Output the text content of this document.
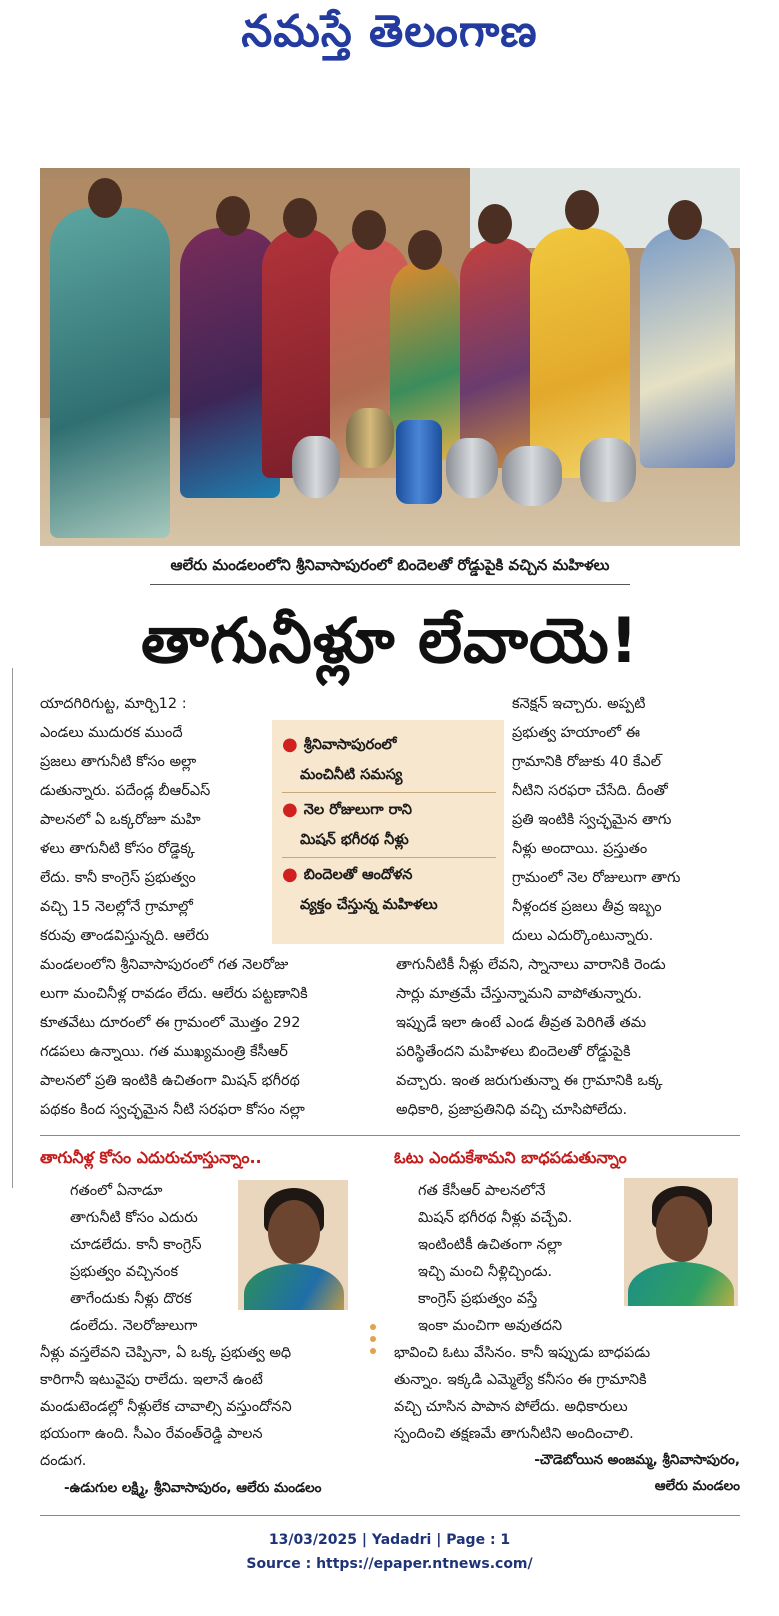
నమస్తే తెలంగాణ
ఆలేరు మండలంలోని శ్రీనివాసాపురంలో బిందెలతో రోడ్డుపైకి వచ్చిన మహిళలు
తాగునీళ్లూ లేవాయె!

యాదగిరిగుట్ట, మార్చి12 :

ఎండలు ముదురక ముందే

ప్రజలు తాగునీటి కోసం అల్లా

డుతున్నారు. పదేండ్ల బీఆర్ఎస్

పాలనలో ఏ ఒక్కరోజూ మహి

ళలు తాగునీటి కోసం రోడ్డెక్క

లేదు. కానీ కాంగ్రెస్ ప్రభుత్వం

వచ్చి 15 నెలల్లోనే గ్రామాల్లో

కరువు తాండవిస్తున్నది. ఆలేరు

మండలంలోని శ్రీనివాసాపురంలో గత నెలరోజు

లుగా మంచినీళ్ల రావడం లేదు. ఆలేరు పట్టణానికి

కూతవేటు దూరంలో ఈ గ్రామంలో మొత్తం 292

గడపలు ఉన్నాయి. గత ముఖ్యమంత్రి కేసీఆర్

పాలనలో ప్రతి ఇంటికి ఉచితంగా మిషన్ భగీరథ

పథకం కింద స్వచ్ఛమైన నీటి సరఫరా కోసం నల్లా

● శ్రీనివాసాపురంలో
మంచినీటి సమస్య
● నెల రోజులుగా రాని
మిషన్ భగీరథ నీళ్లు
● బిందెలతో ఆందోళన
వ్యక్తం చేస్తున్న మహిళలు

కనెక్షన్ ఇచ్చారు. అప్పటి

ప్రభుత్వ హయాంలో ఈ

గ్రామానికి రోజుకు 40 కేఎల్

నీటిని సరఫరా చేసేది. దీంతో

ప్రతి ఇంటికి స్వచ్ఛమైన తాగు

నీళ్లు అందాయి. ప్రస్తుతం

గ్రామంలో నెల రోజులుగా తాగు

నీళ్లందక ప్రజలు తీవ్ర ఇబ్బం

దులు ఎదుర్కొంటున్నారు.

తాగునీటికీ నీళ్లు లేవని, స్నానాలు వారానికి రెండు

సార్లు మాత్రమే చేస్తున్నామని వాపోతున్నారు.

ఇప్పుడే ఇలా ఉంటే ఎండ తీవ్రత పెరిగితే తమ

పరిస్థితేందని మహిళలు బిందెలతో రోడ్డుపైకి

వచ్చారు. ఇంత జరుగుతున్నా ఈ గ్రామానికి ఒక్క

అధికారి, ప్రజాప్రతినిధి వచ్చి చూసిపోలేదు.

తాగునీళ్ల కోసం ఎదురుచూస్తున్నాం..

గతంలో ఏనాడూ

తాగునీటి కోసం ఎదురు

చూడలేదు. కానీ కాంగ్రెస్

ప్రభుత్వం వచ్చినంక

తాగేందుకు నీళ్లు దొరక

డంలేదు. నెలరోజులుగా

నీళ్లు వస్తలేవని చెప్పినా, ఏ ఒక్క ప్రభుత్వ అధి

కారిగానీ ఇటువైపు రాలేదు. ఇలానే ఉంటే

మండుటెండల్లో నీళ్లులేక చావాల్సి వస్తుందోనని

భయంగా ఉంది. సీఎం రేవంత్‌రెడ్డి పాలన

దండుగ.

-ఉడుగుల లక్ష్మి, శ్రీనివాసాపురం, ఆలేరు మండలం
ఓటు ఎందుకేశామని బాధపడుతున్నాం

గత కేసీఆర్ పాలనలోనే

మిషన్ భగీరథ నీళ్లు వచ్చేవి.

ఇంటింటికీ ఉచితంగా నల్లా

ఇచ్చి మంచి నీళ్లిచ్చిండు.

కాంగ్రెస్ ప్రభుత్వం వస్తే

ఇంకా మంచిగా అవుతదని

భావించి ఓటు వేసినం. కానీ ఇప్పుడు బాధపడు

తున్నాం. ఇక్కడి ఎమ్మెల్యే కనీసం ఈ గ్రామానికి

వచ్చి చూసిన పాపాన పోలేదు. అధికారులు

స్పందించి తక్షణమే తాగునీటిని అందించాలి.

-చౌడెబోయిన అంజమ్మ, శ్రీనివాసాపురం,
ఆలేరు మండలం
13/03/2025 | Yadadri | Page : 1
Source : https://epaper.ntnews.com/
